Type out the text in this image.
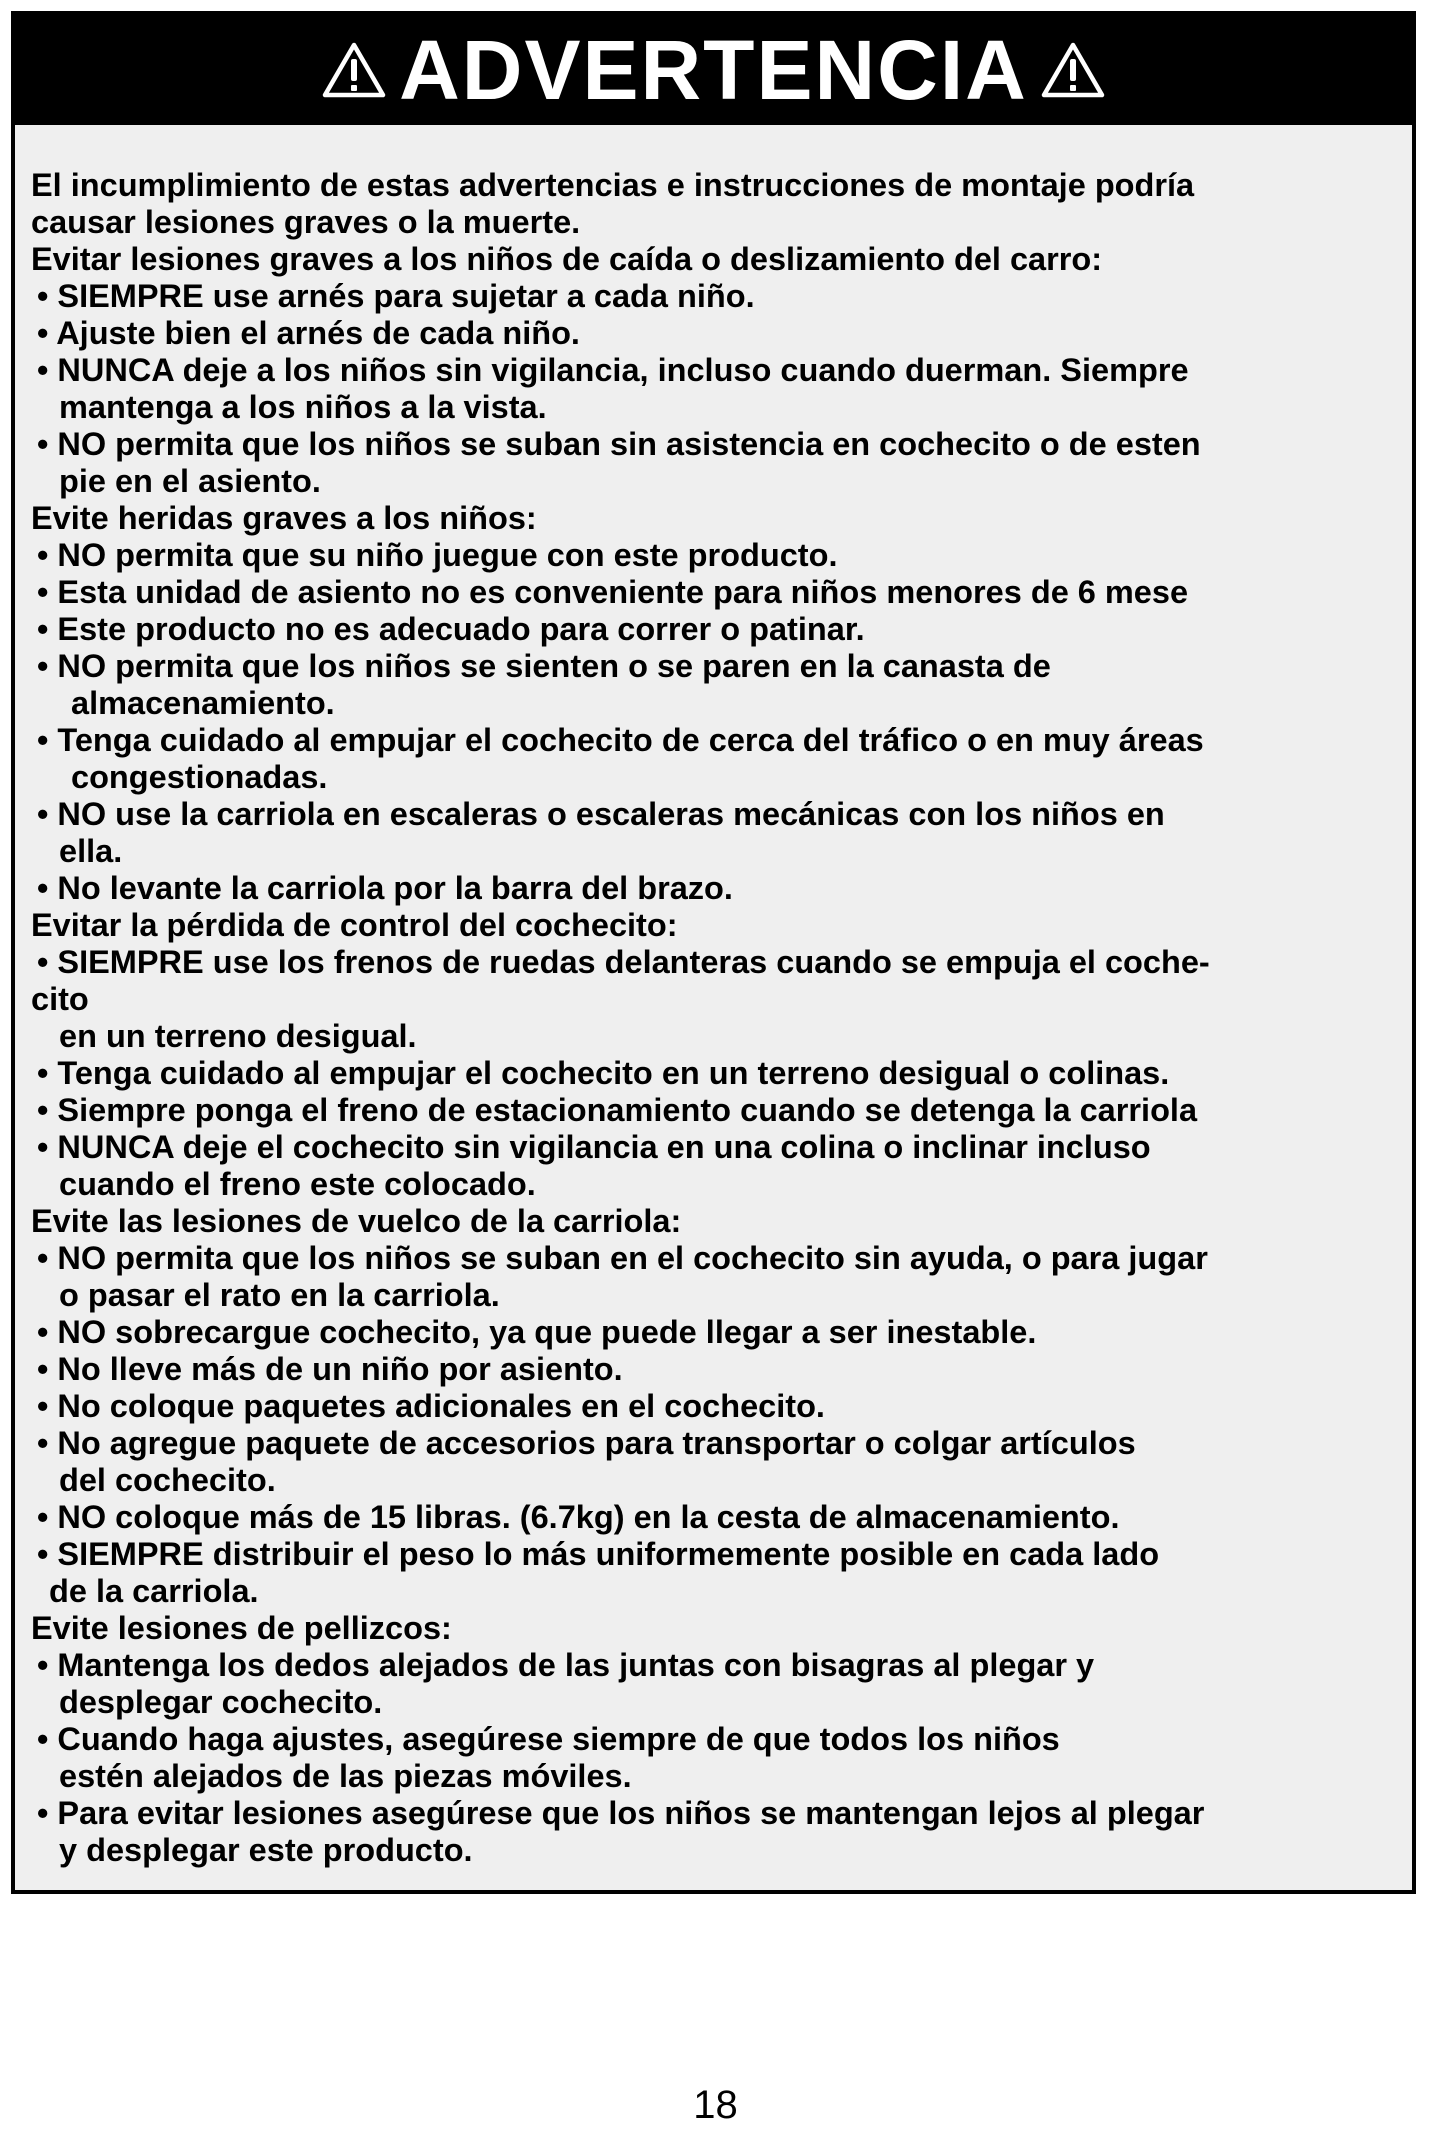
ADVERTENCIA
El incumplimiento de estas advertencias e instrucciones de montaje podría
causar lesiones graves o la muerte.
Evitar lesiones graves a los niños de caída o deslizamiento del carro:
• SIEMPRE use arnés para sujetar a cada niño.
• Ajuste bien el arnés de cada niño.
• NUNCA deje a los niños sin vigilancia, incluso cuando duerman. Siempre
mantenga a los niños a la vista.
• NO permita que los niños se suban sin asistencia en cochecito o de esten
pie en el asiento.
Evite heridas graves a los niños:
• NO permita que su niño juegue con este producto.
• Esta unidad de asiento no es conveniente para niños menores de 6 mese
• Este producto no es adecuado para correr o patinar.
• NO permita que los niños se sienten o se paren en la canasta de
almacenamiento.
• Tenga cuidado al empujar el cochecito de cerca del tráfico o en muy áreas
congestionadas.
• NO use la carriola en escaleras o escaleras mecánicas con los niños en
ella.
• No levante la carriola por la barra del brazo.
Evitar la pérdida de control del cochecito:
• SIEMPRE use los frenos de ruedas delanteras cuando se empuja el coche-
cito
en un terreno desigual.
• Tenga cuidado al empujar el cochecito en un terreno desigual o colinas.
• Siempre ponga el freno de estacionamiento cuando se detenga la carriola
• NUNCA deje el cochecito sin vigilancia en una colina o inclinar incluso
cuando el freno este colocado.
Evite las lesiones de vuelco de la carriola:
• NO permita que los niños se suban en el cochecito sin ayuda, o para jugar
o pasar el rato en la carriola.
• NO sobrecargue cochecito, ya que puede llegar a ser inestable.
• No lleve más de un niño por asiento.
• No coloque paquetes adicionales en el cochecito.
• No agregue paquete de accesorios para transportar o colgar artículos
del cochecito.
• NO coloque más de 15 libras. (6.7kg) en la cesta de almacenamiento.
• SIEMPRE distribuir el peso lo más uniformemente posible en cada lado
de la carriola.
Evite lesiones de pellizcos:
• Mantenga los dedos alejados de las juntas con bisagras al plegar y
desplegar cochecito.
• Cuando haga ajustes, asegúrese siempre de que todos los niños
estén alejados de las piezas móviles.
• Para evitar lesiones asegúrese que los niños se mantengan lejos al plegar
y desplegar este producto.
18
